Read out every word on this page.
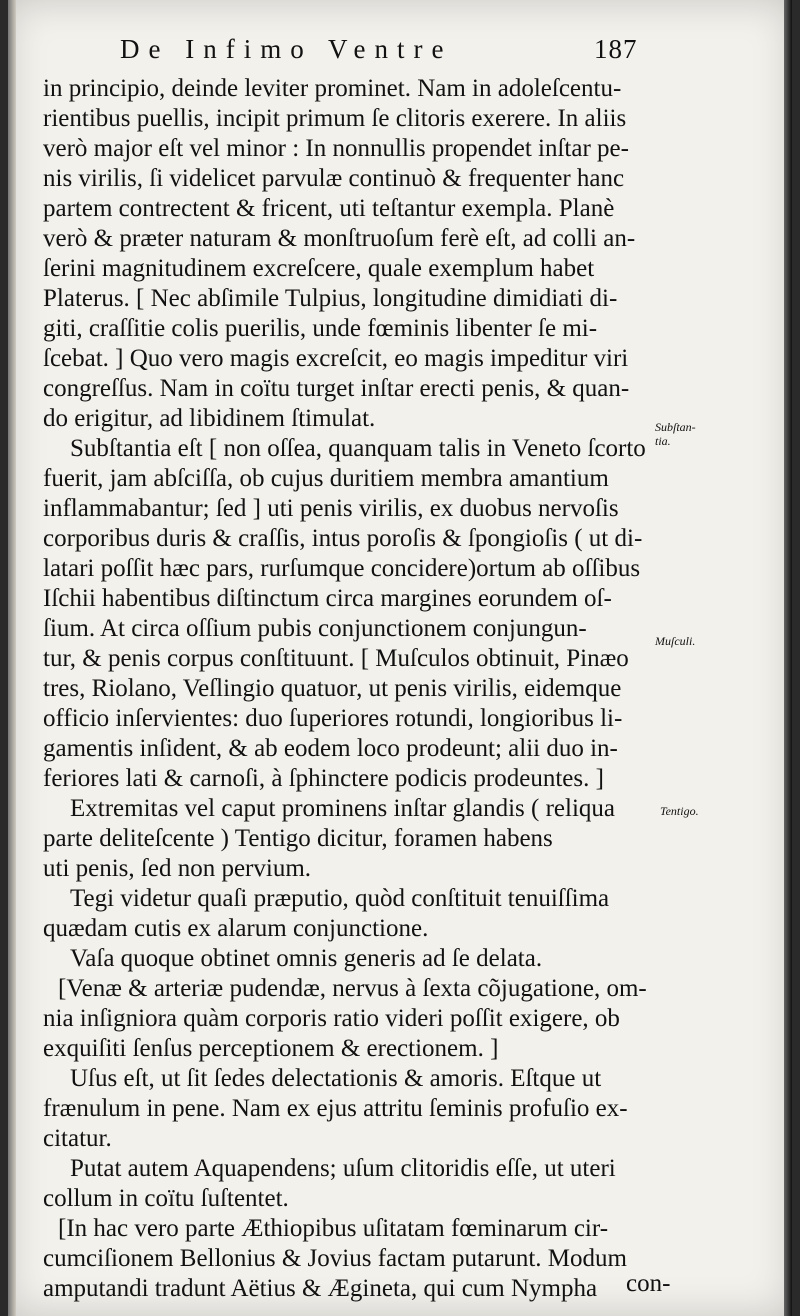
De Infimo Ventre	187
in principio, deinde leviter prominet. Nam in adoleſcentu-
rientibus puellis, incipit primum ſe clitoris exerere. In aliis
verò major eſt vel minor : In nonnullis propendet inſtar pe-
nis virilis, ſi videlicet parvulæ continuò & frequenter hanc
partem contrectent & fricent, uti teſtantur exempla. Planè
verò & præter naturam & monſtruoſum ferè eſt, ad colli an-
ſerini magnitudinem excreſcere, quale exemplum habet
Platerus. [ Nec abſimile Tulpius, longitudine dimidiati di-
giti, craſſitie colis puerilis, unde fœminis libenter ſe mi-
ſcebat. ] Quo vero magis excreſcit, eo magis impeditur viri
congreſſus. Nam in coïtu turget inſtar erecti penis, & quan-
do erigitur, ad libidinem ſtimulat.
Subſtantia eſt [ non oſſea, quanquam talis in Veneto ſcorto
fuerit, jam abſciſſa, ob cujus duritiem membra amantium
inflammabantur; ſed ] uti penis virilis, ex duobus nervoſis
corporibus duris & craſſis, intus poroſis & ſpongioſis ( ut di-
latari poſſit hæc pars, rurſumque concidere)ortum ab oſſibus
Iſchii habentibus diſtinctum circa margines eorundem oſ-
ſium. At circa oſſium pubis conjunctionem conjungun-
tur, & penis corpus conſtituunt. [ Muſculos obtinuit, Pinæo
tres, Riolano, Veſlingio quatuor, ut penis virilis, eidemque
officio inſervientes: duo ſuperiores rotundi, longioribus li-
gamentis inſident, & ab eodem loco prodeunt; alii duo in-
feriores lati & carnoſi, à ſphinctere podicis prodeuntes. ]
Extremitas vel caput prominens inſtar glandis ( reliqua
parte deliteſcente ) Tentigo dicitur, foramen habens
uti penis, ſed non pervium.
Tegi videtur quaſi præputio, quòd conſtituit tenuiſſima
quædam cutis ex alarum conjunctione.
Vaſa quoque obtinet omnis generis ad ſe delata.
[Venæ & arteriæ pudendæ, nervus à ſexta cõjugatione, om-
nia inſigniora quàm corporis ratio videri poſſit exigere, ob
exquiſiti ſenſus perceptionem & erectionem. ]
Uſus eſt, ut ſit ſedes delectationis & amoris. Eſtque ut
frænulum in pene. Nam ex ejus attritu ſeminis profuſio ex-
citatur.
Putat autem Aquapendens; uſum clitoridis eſſe, ut uteri
collum in coïtu ſuſtentet.
[In hac vero parte Æthiopibus uſitatam fœminarum cir-
cumciſionem Bellonius & Jovius factam putarunt. Modum
amputandi tradunt Aëtius & Ægineta, qui cum Nympha con-
Subſtan-
tia.
Muſculi.
Tentigo.
